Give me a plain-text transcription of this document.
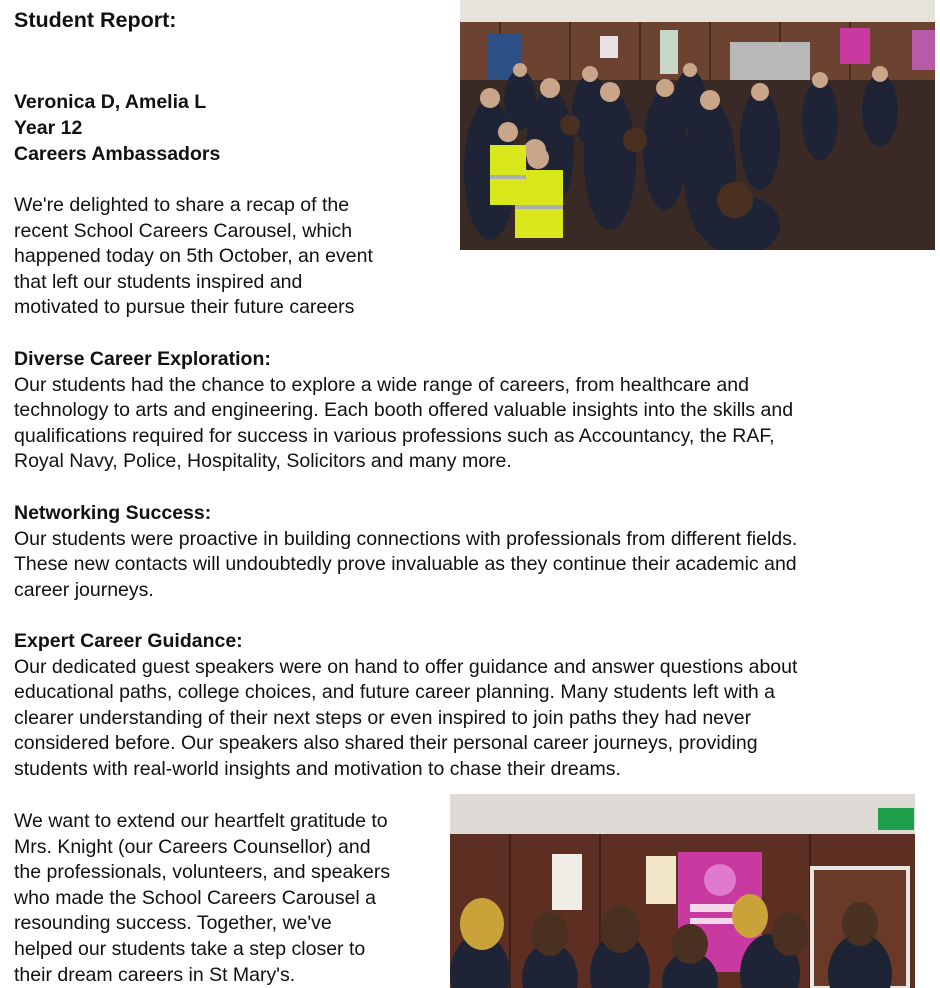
Student Report:
Veronica D, Amelia L
Year 12
Careers Ambassadors
We're delighted to share a recap of the
recent School Careers Carousel, which
happened today on 5th October, an event
that left our students inspired and
motivated to pursue their future careers
Diverse Career Exploration:
Our students had the chance to explore a wide range of careers, from healthcare and
technology to arts and engineering. Each booth offered valuable insights into the skills and
qualifications required for success in various professions such as Accountancy, the RAF,
Royal Navy, Police, Hospitality, Solicitors and many more.
Networking Success:
Our students were proactive in building connections with professionals from different fields.
These new contacts will undoubtedly prove invaluable as they continue their academic and
career journeys.
Expert Career Guidance:
Our dedicated guest speakers were on hand to offer guidance and answer questions about
educational paths, college choices, and future career planning. Many students left with a
clearer understanding of their next steps or even inspired to join paths they had never
considered before. Our speakers also shared their personal career journeys, providing
students with real-world insights and motivation to chase their dreams.
We want to extend our heartfelt gratitude to
Mrs. Knight (our Careers Counsellor) and
the professionals, volunteers, and speakers
who made the School Careers Carousel a
resounding success. Together, we've
helped our students take a step closer to
their dream careers in St Mary's.
